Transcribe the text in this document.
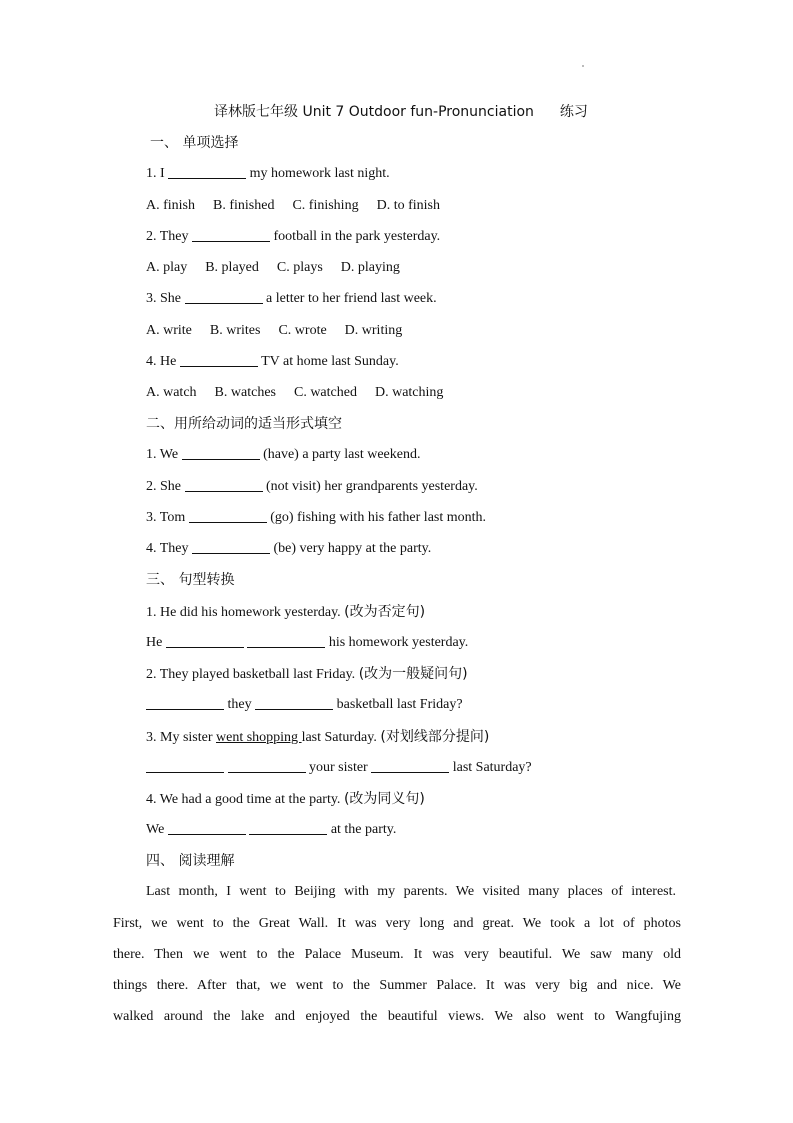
译林版七年级 Unit 7 Outdoor fun-Pronunciation 练习
一、 单项选择
1. I	my homework last night.
A. finish B. finished C. finishing D. to finish
2. They	football in the park yesterday.
A. play B. played C. plays D. playing
3. She	a letter to her friend last week.
A. write B. writes C. wrote D. writing
4. He	TV at home last Sunday.
A. watch B. watches C. watched D. watching
二、用所给动词的适当形式填空
1. We	(have) a party last weekend.
2. She	(not visit) her grandparents yesterday.
3. Tom	(go) fishing with his father last month.
4. They	(be) very happy at the party.
三、 句型转换
1. He did his homework yesterday. (改为否定句)
He	his homework yesterday.
2. They played basketball last Friday. (改为一般疑问句)
they	basketball last Friday?
3. My sister went shopping last Saturday. (对划线部分提问)
your sister	last Saturday?
4. We had a good time at the party. (改为同义句)
We	at the party.
四、 阅读理解
Last month, I went to Beijing with my parents. We visited many places of interest.
First, we went to the Great Wall. It was very long and great. We took a lot of photos
there. Then we went to the Palace Museum. It was very beautiful. We saw many old
things there. After that, we went to the Summer Palace. It was very big and nice. We
walked around the lake and enjoyed the beautiful views. We also went to Wangfujing
